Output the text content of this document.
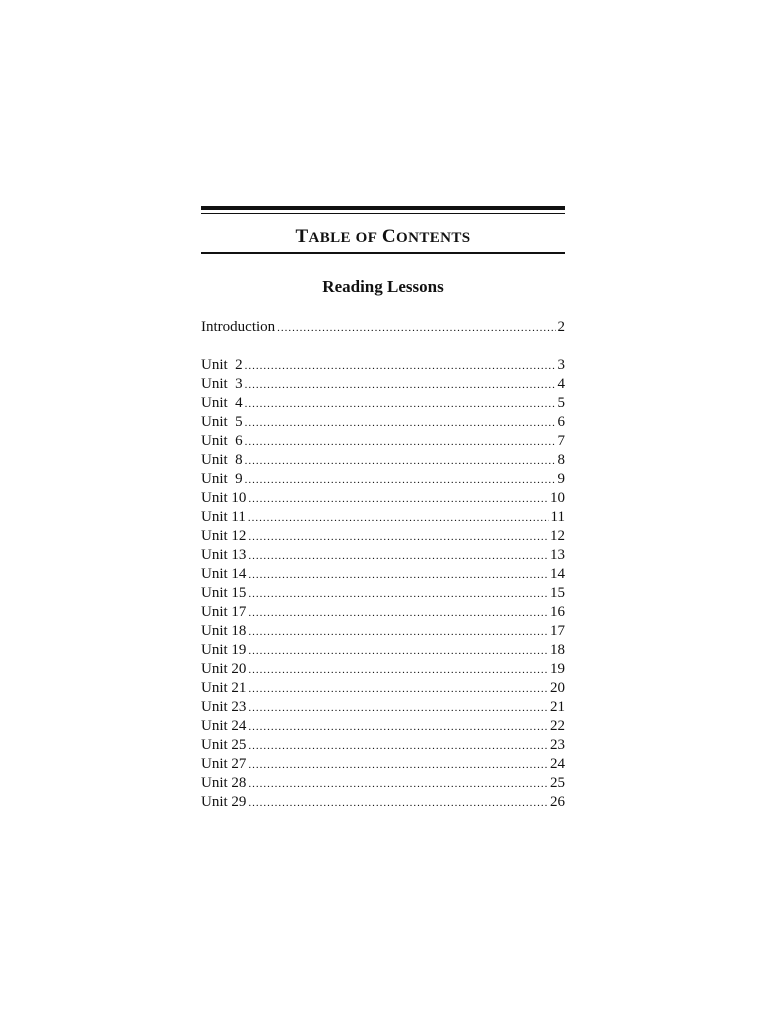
TABLE OF CONTENTS
Reading Lessons
Introduction .....	2
Unit  2 .....	3
Unit  3 .....	4
Unit  4 .....	5
Unit  5 .....	6
Unit  6 .....	7
Unit  8 .....	8
Unit  9 .....	9
Unit 10 .....	10
Unit 11 .....	11
Unit 12 .....	12
Unit 13 .....	13
Unit 14 .....	14
Unit 15 .....	15
Unit 17 .....	16
Unit 18 .....	17
Unit 19 .....	18
Unit 20 .....	19
Unit 21 .....	20
Unit 23 .....	21
Unit 24 .....	22
Unit 25 .....	23
Unit 27 .....	24
Unit 28 .....	25
Unit 29 .....	26
